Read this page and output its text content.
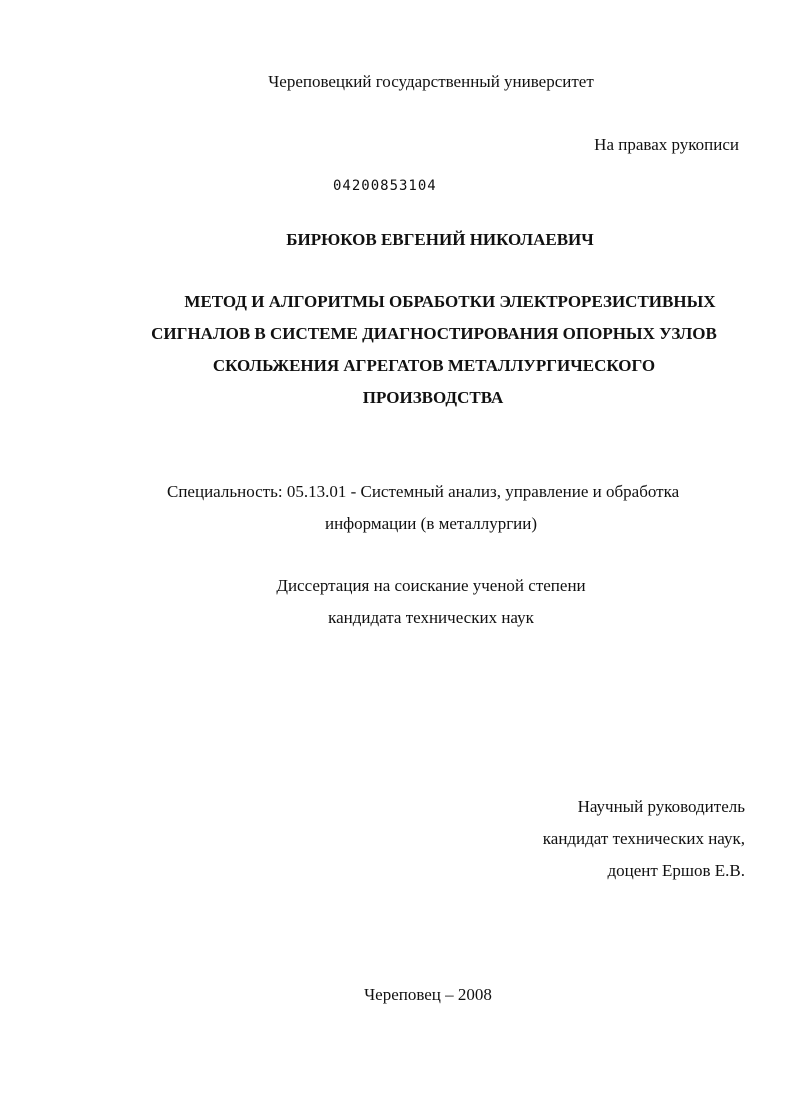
Череповецкий государственный университет
На правах рукописи
04200853104
БИРЮКОВ ЕВГЕНИЙ НИКОЛАЕВИЧ
МЕТОД И АЛГОРИТМЫ ОБРАБОТКИ ЭЛЕКТРОРЕЗИСТИВНЫХ
СИГНАЛОВ В СИСТЕМЕ ДИАГНОСТИРОВАНИЯ ОПОРНЫХ УЗЛОВ
СКОЛЬЖЕНИЯ АГРЕГАТОВ МЕТАЛЛУРГИЧЕСКОГО
ПРОИЗВОДСТВА
Специальность: 05.13.01 - Системный анализ, управление и обработка
информации (в металлургии)
Диссертация на соискание ученой степени
кандидата технических наук
Научный руководитель
кандидат технических наук,
доцент Ершов Е.В.
Череповец – 2008
